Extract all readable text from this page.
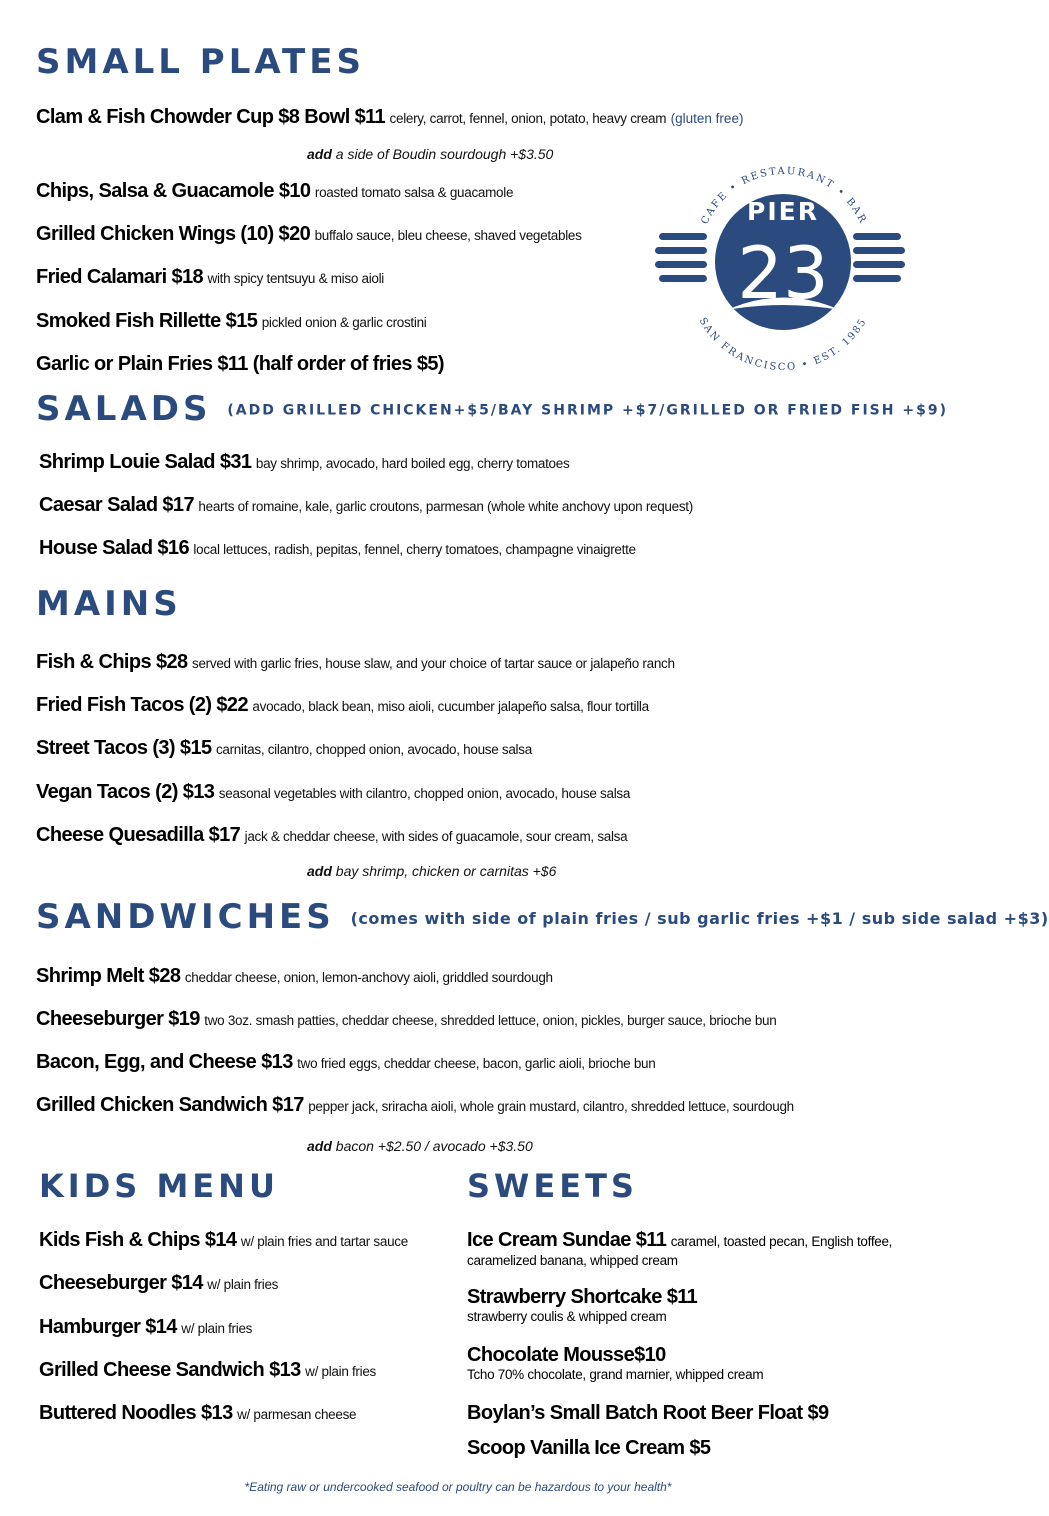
SMALL PLATES
Clam & Fish Chowder Cup $8 Bowl $11 celery, carrot, fennel, onion, potato, heavy cream (gluten free)
add a side of Boudin sourdough +$3.50
Chips, Salsa & Guacamole $10 roasted tomato salsa & guacamole
Grilled Chicken Wings (10) $20 buffalo sauce, bleu cheese, shaved vegetables
Fried Calamari $18 with spicy tentsuyu & miso aioli
Smoked Fish Rillette $15 pickled onion & garlic crostini
Garlic or Plain Fries $11 (half order of fries $5)
CAFE • RESTAURANT • BAR
SAN FRANCISCO • EST. 1985
PIER
23
SALADS (ADD GRILLED CHICKEN+$5/BAY SHRIMP +$7/GRILLED OR FRIED FISH +$9)
Shrimp Louie Salad $31 bay shrimp, avocado, hard boiled egg, cherry tomatoes
Caesar Salad $17 hearts of romaine, kale, garlic croutons, parmesan (whole white anchovy upon request)
House Salad $16 local lettuces, radish, pepitas, fennel, cherry tomatoes, champagne vinaigrette
MAINS
Fish & Chips $28 served with garlic fries, house slaw, and your choice of tartar sauce or jalapeño ranch
Fried Fish Tacos (2) $22 avocado, black bean, miso aioli, cucumber jalapeño salsa, flour tortilla
Street Tacos (3) $15 carnitas, cilantro, chopped onion, avocado, house salsa
Vegan Tacos (2) $13 seasonal vegetables with cilantro, chopped onion, avocado, house salsa
Cheese Quesadilla $17 jack & cheddar cheese, with sides of guacamole, sour cream, salsa
add bay shrimp, chicken or carnitas +$6
SANDWICHES (comes with side of plain fries / sub garlic fries +$1 / sub side salad +$3)
Shrimp Melt $28 cheddar cheese, onion, lemon-anchovy aioli, griddled sourdough
Cheeseburger $19 two 3oz. smash patties, cheddar cheese, shredded lettuce, onion, pickles, burger sauce, brioche bun
Bacon, Egg, and Cheese $13 two fried eggs, cheddar cheese, bacon, garlic aioli, brioche bun
Grilled Chicken Sandwich $17 pepper jack, sriracha aioli, whole grain mustard, cilantro, shredded lettuce, sourdough
add bacon +$2.50 / avocado +$3.50
KIDS MENU
Kids Fish & Chips $14 w/ plain fries and tartar sauce
Cheeseburger $14 w/ plain fries
Hamburger $14 w/ plain fries
Grilled Cheese Sandwich $13 w/ plain fries
Buttered Noodles $13 w/ parmesan cheese
SWEETS
Ice Cream Sundae $11 caramel, toasted pecan, English toffee, caramelized banana, whipped cream
Strawberry Shortcake $11
strawberry coulis & whipped cream
Chocolate Mousse$10
Tcho 70% chocolate, grand marnier, whipped cream
Boylan’s Small Batch Root Beer Float $9
Scoop Vanilla Ice Cream $5
*Eating raw or undercooked seafood or poultry can be hazardous to your health*
